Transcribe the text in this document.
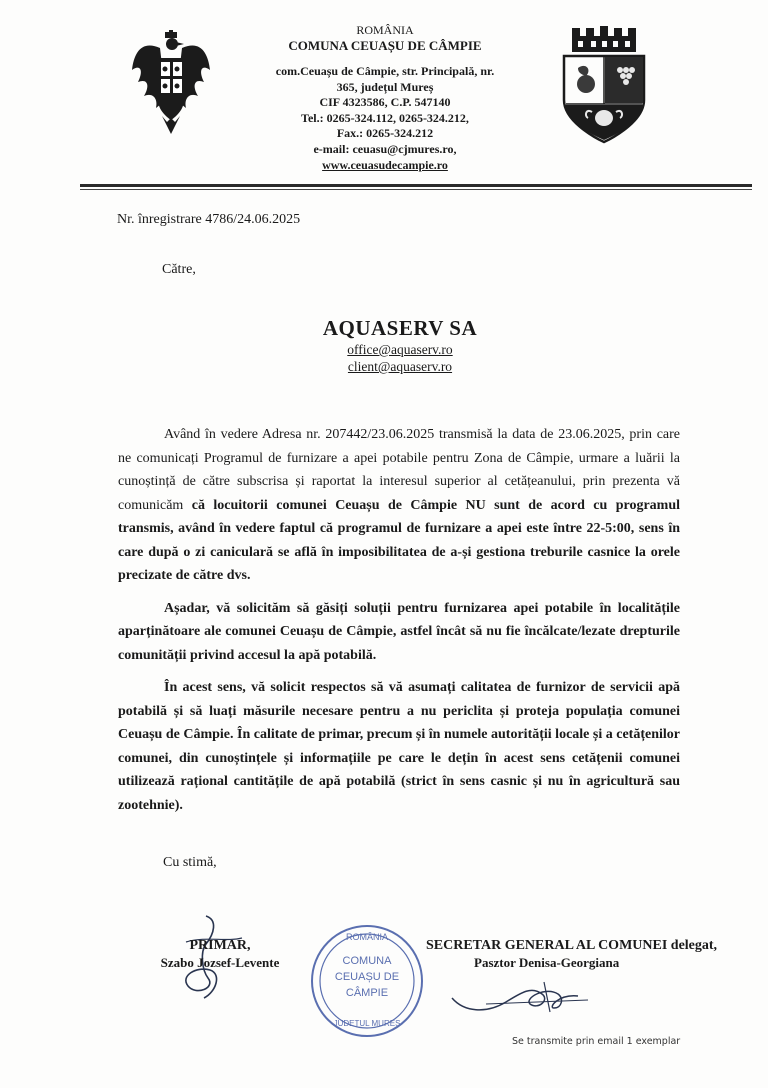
ROMÂNIA
COMUNA CEUAȘU DE CÂMPIE
com.Ceuașu de Câmpie, str. Principală, nr.
365, județul Mureș
CIF 4323586, C.P. 547140
Tel.: 0265-324.112, 0265-324.212,
Fax.: 0265-324.212
e-mail: ceuasu@cjmures.ro,
www.ceuasudecampie.ro
Nr. înregistrare 4786/24.06.2025
Către,
AQUASERV SA
office@aquaserv.ro
client@aquaserv.ro

Având în vedere Adresa nr. 207442/23.06.2025 transmisă la data de 23.06.2025, prin care ne comunicați Programul de furnizare a apei potabile pentru Zona de Câmpie, urmare a luării la cunoștință de către subscrisa și raportat la interesul superior al cetățeanului, prin prezenta vă comunicăm că locuitorii comunei Ceuașu de Câmpie NU sunt de acord cu programul transmis, având în vedere faptul că programul de furnizare a apei este între 22-5:00, sens în care după o zi caniculară se află în imposibilitatea de a-și gestiona treburile casnice la orele precizate de către dvs.

Așadar, vă solicităm să găsiți soluții pentru furnizarea apei potabile în localitățile aparținătoare ale comunei Ceuașu de Câmpie, astfel încât să nu fie încălcate/lezate drepturile comunității privind accesul la apă potabilă.

În acest sens, vă solicit respectos să vă asumați calitatea de furnizor de servicii apă potabilă și să luați măsurile necesare pentru a nu periclita și proteja populația comunei Ceuașu de Câmpie. În calitate de primar, precum și în numele autorității locale și a cetățenilor comunei, din cunoștințele și informațiile pe care le dețin în acest sens cetățenii comunei utilizează rațional cantitățile de apă potabilă (strict în sens casnic și nu în agricultură sau zootehnie).

Cu stimă,
PRIMAR,
Szabo Jozsef-Levente
ROMÂNIA
COMUNA
CEUAȘU DE
CÂMPIE
JUDEȚUL MUREȘ
SECRETAR GENERAL AL COMUNEI delegat,
Pasztor Denisa-Georgiana
Se transmite prin email 1 exemplar
